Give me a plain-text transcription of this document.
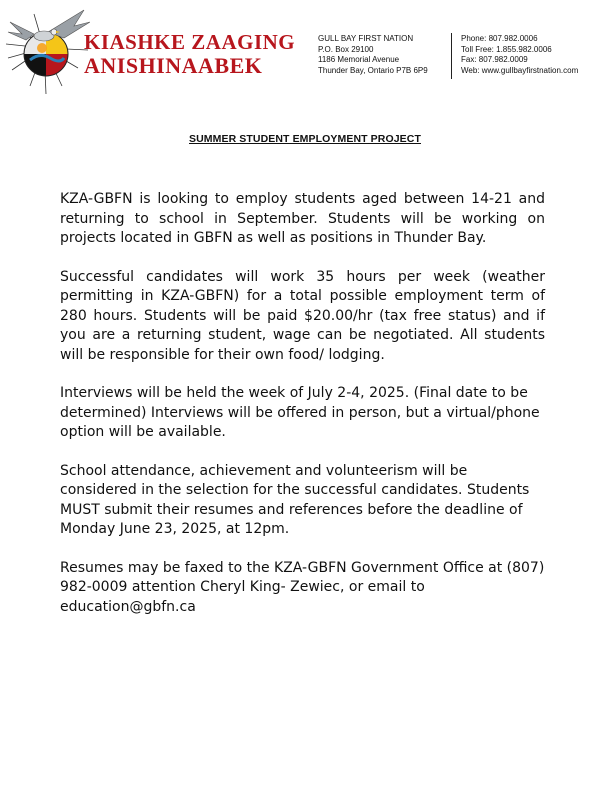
KIASHKE ZAAGING
ANISHINAABEK
GULL BAY FIRST NATION
P.O. Box 29100
1186 Memorial Avenue
Thunder Bay, Ontario P7B 6P9
Phone: 807.982.0006
Toll Free: 1.855.982.0006
Fax: 807.982.0009
Web: www.gullbayfirstnation.com
SUMMER STUDENT EMPLOYMENT PROJECT

KZA-GBFN is looking to employ students aged between 14-21 and returning to school in September. Students will be working on projects located in GBFN as well as positions in Thunder Bay.

Successful candidates will work 35 hours per week (weather permitting in KZA-GBFN) for a total possible employment term of 280 hours. Students will be paid $20.00/hr (tax free status) and if you are a returning student, wage can be negotiated. All students will be responsible for their own food/ lodging.

Interviews will be held the week of July 2-4, 2025. (Final date to be determined) Interviews will be offered in person, but a virtual/phone option will be available.

School attendance, achievement and volunteerism will be considered in the selection for the successful candidates. Students MUST submit their resumes and references before the deadline of Monday June 23, 2025, at 12pm.

Resumes may be faxed to the KZA-GBFN Government Office at (807) 982-0009 attention Cheryl King- Zewiec, or email to education@gbfn.ca
